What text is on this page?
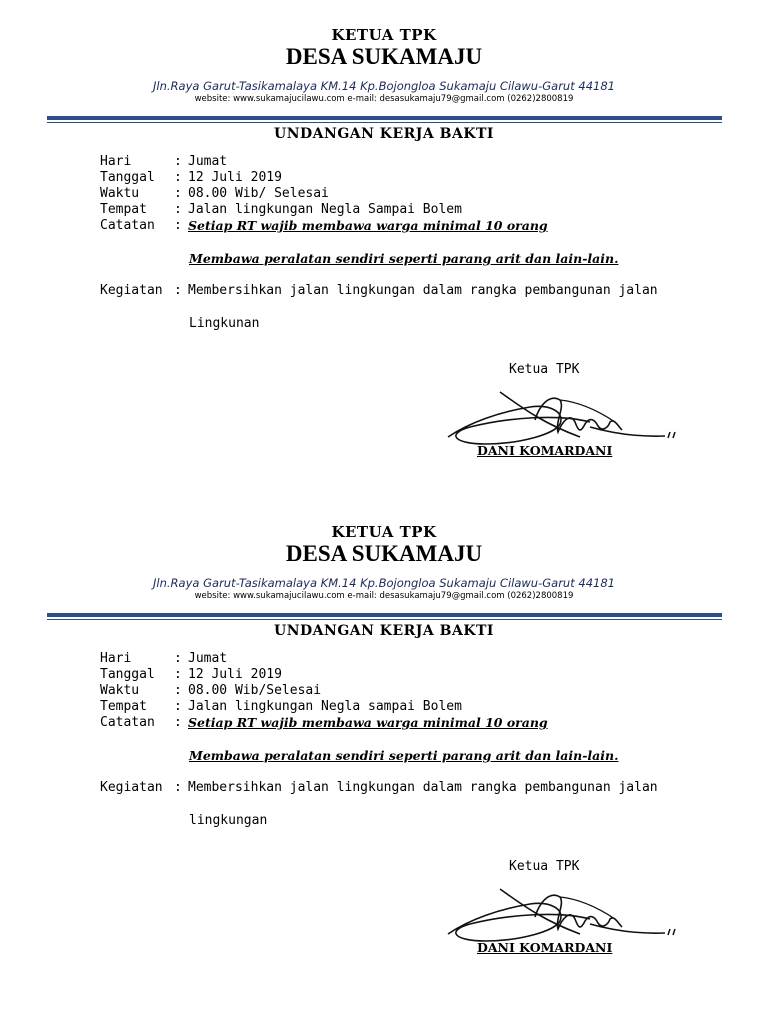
KETUA TPK
DESA SUKAMAJU
Jln.Raya Garut-Tasikamalaya KM.14 Kp.Bojongloa Sukamaju Cilawu-Garut 44181
website: www.sukamajucilawu.com e-mail: desasukamaju79@gmail.com (0262)2800819
UNDANGAN KERJA BAKTI
Hari	: Jumat
Tanggal : 12 Juli 2019
Waktu	: 08.00 Wib/ Selesai
Tempat : Jalan lingkungan Negla Sampai Bolem
Catatan : Setiap RT wajib membawa warga minimal 10 orang
Membawa peralatan sendiri seperti parang arit dan lain-lain.
Kegiatan : Membersihkan jalan lingkungan dalam rangka pembangunan jalan
Lingkunan
Ketua TPK
DANI KOMARDANI
KETUA TPK
DESA SUKAMAJU
Jln.Raya Garut-Tasikamalaya KM.14 Kp.Bojongloa Sukamaju Cilawu-Garut 44181
website: www.sukamajucilawu.com e-mail: desasukamaju79@gmail.com (0262)2800819
UNDANGAN KERJA BAKTI
Hari	: Jumat
Tanggal : 12 Juli 2019
Waktu	: 08.00 Wib/Selesai
Tempat : Jalan lingkungan Negla sampai Bolem
Catatan : Setiap RT wajib membawa warga minimal 10 orang
Membawa peralatan sendiri seperti parang arit dan lain-lain.
Kegiatan : Membersihkan jalan lingkungan dalam rangka pembangunan jalan
lingkungan
Ketua TPK
DANI KOMARDANI
